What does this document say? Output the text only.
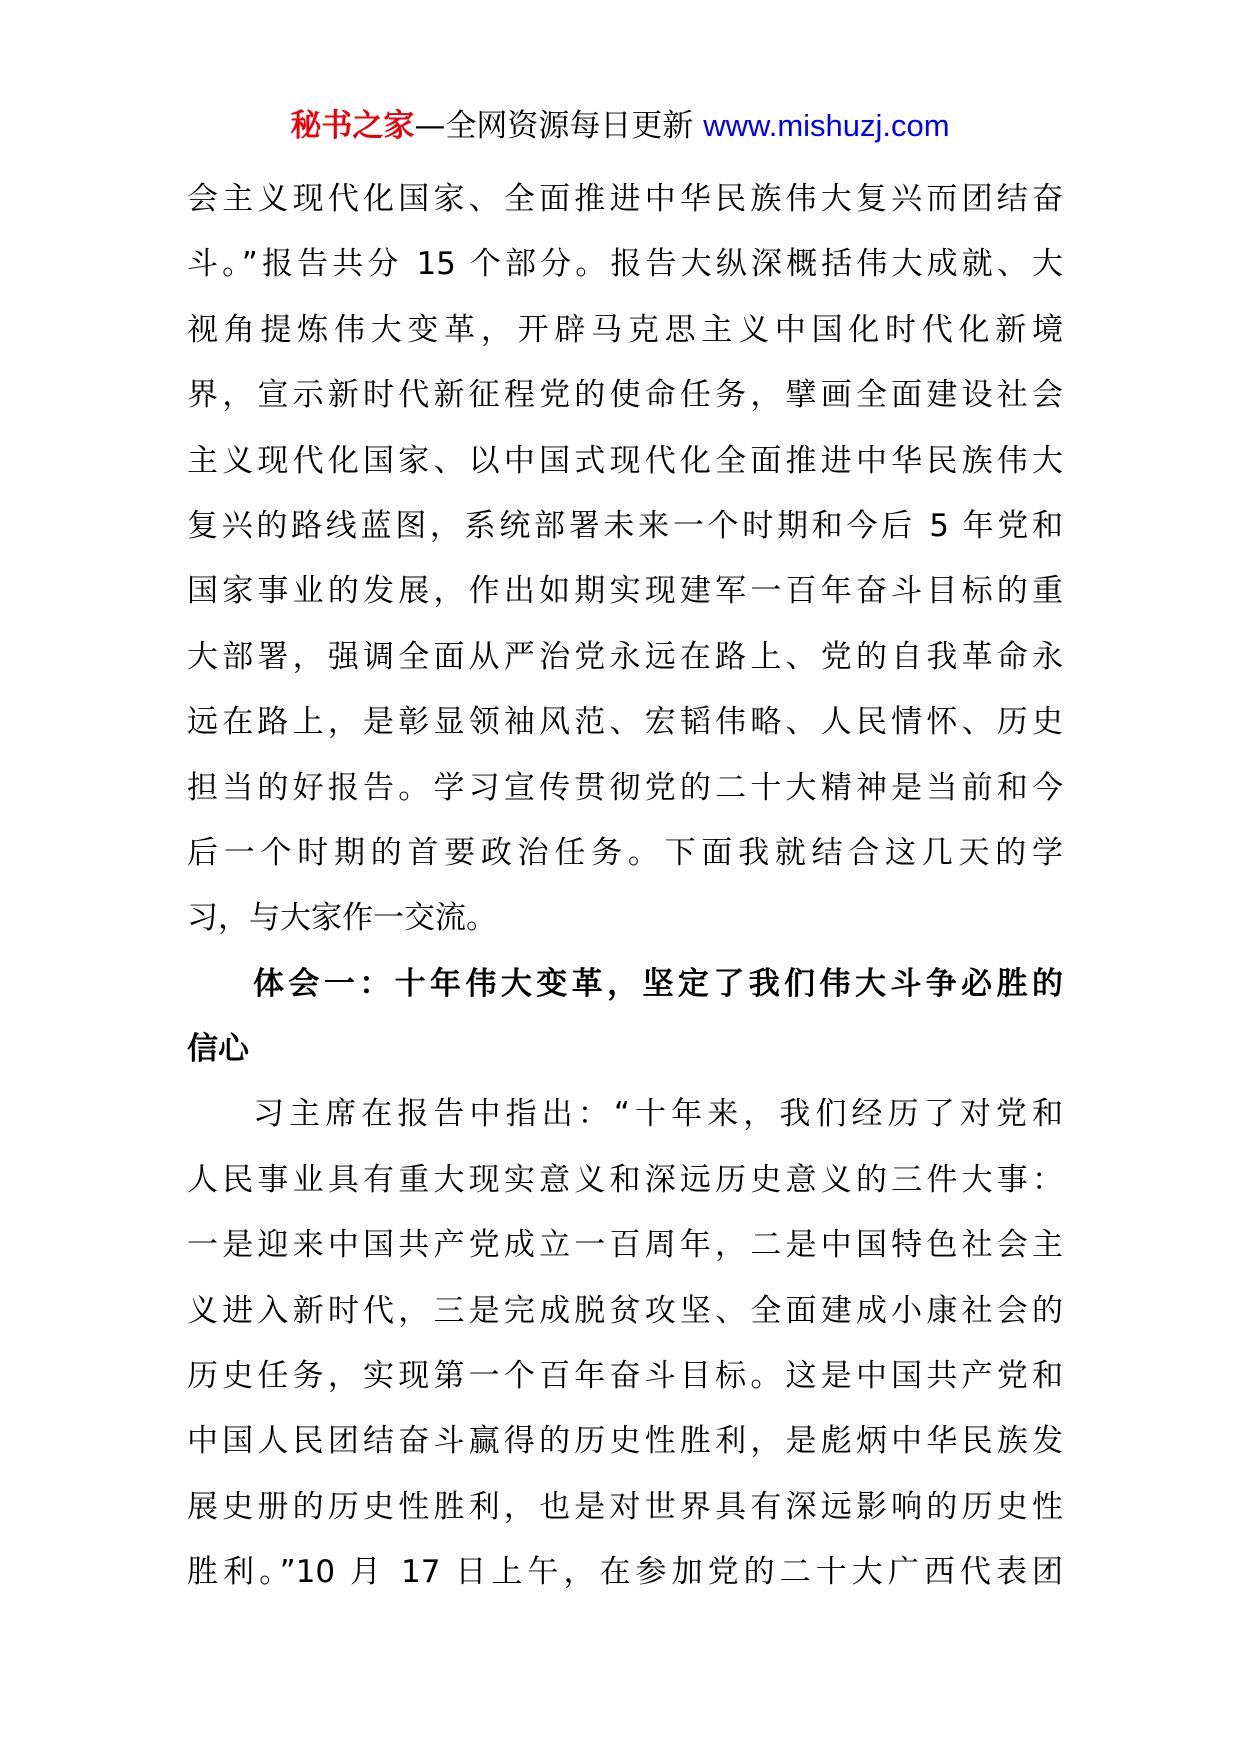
秘书之家—全网资源每日更新 www.mishuzj.com
会主义现代化国家、全面推进中华民族伟大复兴而团结奋
斗。”报告共分 15 个部分。报告大纵深概括伟大成就、大
视角提炼伟大变革，开辟马克思主义中国化时代化新境
界，宣示新时代新征程党的使命任务，擘画全面建设社会
主义现代化国家、以中国式现代化全面推进中华民族伟大
复兴的路线蓝图，系统部署未来一个时期和今后 5 年党和
国家事业的发展，作出如期实现建军一百年奋斗目标的重
大部署，强调全面从严治党永远在路上、党的自我革命永
远在路上，是彰显领袖风范、宏韬伟略、人民情怀、历史
担当的好报告。学习宣传贯彻党的二十大精神是当前和今
后一个时期的首要政治任务。下面我就结合这几天的学
习，与大家作一交流。
体会一：十年伟大变革，坚定了我们伟大斗争必胜的
信心
习主席在报告中指出：“十年来，我们经历了对党和
人民事业具有重大现实意义和深远历史意义的三件大事：
一是迎来中国共产党成立一百周年，二是中国特色社会主
义进入新时代，三是完成脱贫攻坚、全面建成小康社会的
历史任务，实现第一个百年奋斗目标。这是中国共产党和
中国人民团结奋斗赢得的历史性胜利，是彪炳中华民族发
展史册的历史性胜利，也是对世界具有深远影响的历史性
胜利。”10 月 17 日上午，在参加党的二十大广西代表团
